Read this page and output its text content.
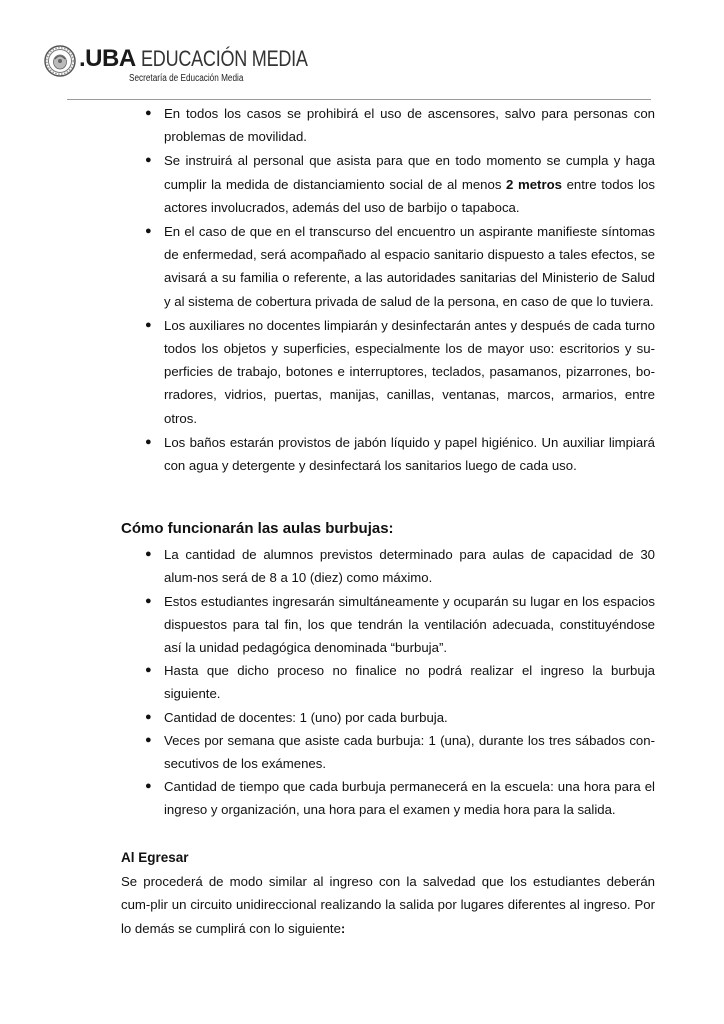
.UBA EDUCACIÓN MEDIA
Secretaría de Educación Media
● En todos los casos se prohibirá el uso de ascensores, salvo para personas con problemas de movilidad.
● Se instruirá al personal que asista para que en todo momento se cumpla y haga cumplir la medida de distanciamiento social de al menos 2 metros entre todos los actores involucrados, además del uso de barbijo o tapaboca.
● En el caso de que en el transcurso del encuentro un aspirante manifieste síntomas de enfermedad, será acompañado al espacio sanitario dispuesto a tales efectos, se avisará a su familia o referente, a las autoridades sanitarias del Ministerio de Salud y al sistema de cobertura privada de salud de la persona, en caso de que lo tuviera.
● Los auxiliares no docentes limpiarán y desinfectarán antes y después de cada turno todos los objetos y superficies, especialmente los de mayor uso: escritorios y su-perficies de trabajo, botones e interruptores, teclados, pasamanos, pizarrones, bo-rradores, vidrios, puertas, manijas, canillas, ventanas, marcos, armarios, entre otros.
● Los baños estarán provistos de jabón líquido y papel higiénico. Un auxiliar limpiará con agua y detergente y desinfectará los sanitarios luego de cada uso.
Cómo funcionarán las aulas burbujas:
● La cantidad de alumnos previstos determinado para aulas de capacidad de 30 alum-nos será de 8 a 10 (diez) como máximo.
● Estos estudiantes ingresarán simultáneamente y ocuparán su lugar en los espacios dispuestos para tal fin, los que tendrán la ventilación adecuada, constituyéndose así la unidad pedagógica denominada “burbuja”.
● Hasta que dicho proceso no finalice no podrá realizar el ingreso la burbuja siguiente.
● Cantidad de docentes: 1 (uno) por cada burbuja.
● Veces por semana que asiste cada burbuja: 1 (una), durante los tres sábados con-secutivos de los exámenes.
● Cantidad de tiempo que cada burbuja permanecerá en la escuela: una hora para el ingreso y organización, una hora para el examen y media hora para la salida.
Al Egresar

Se procederá de modo similar al ingreso con la salvedad que los estudiantes deberán cum-plir un circuito unidireccional realizando la salida por lugares diferentes al ingreso. Por lo demás se cumplirá con lo siguiente:
